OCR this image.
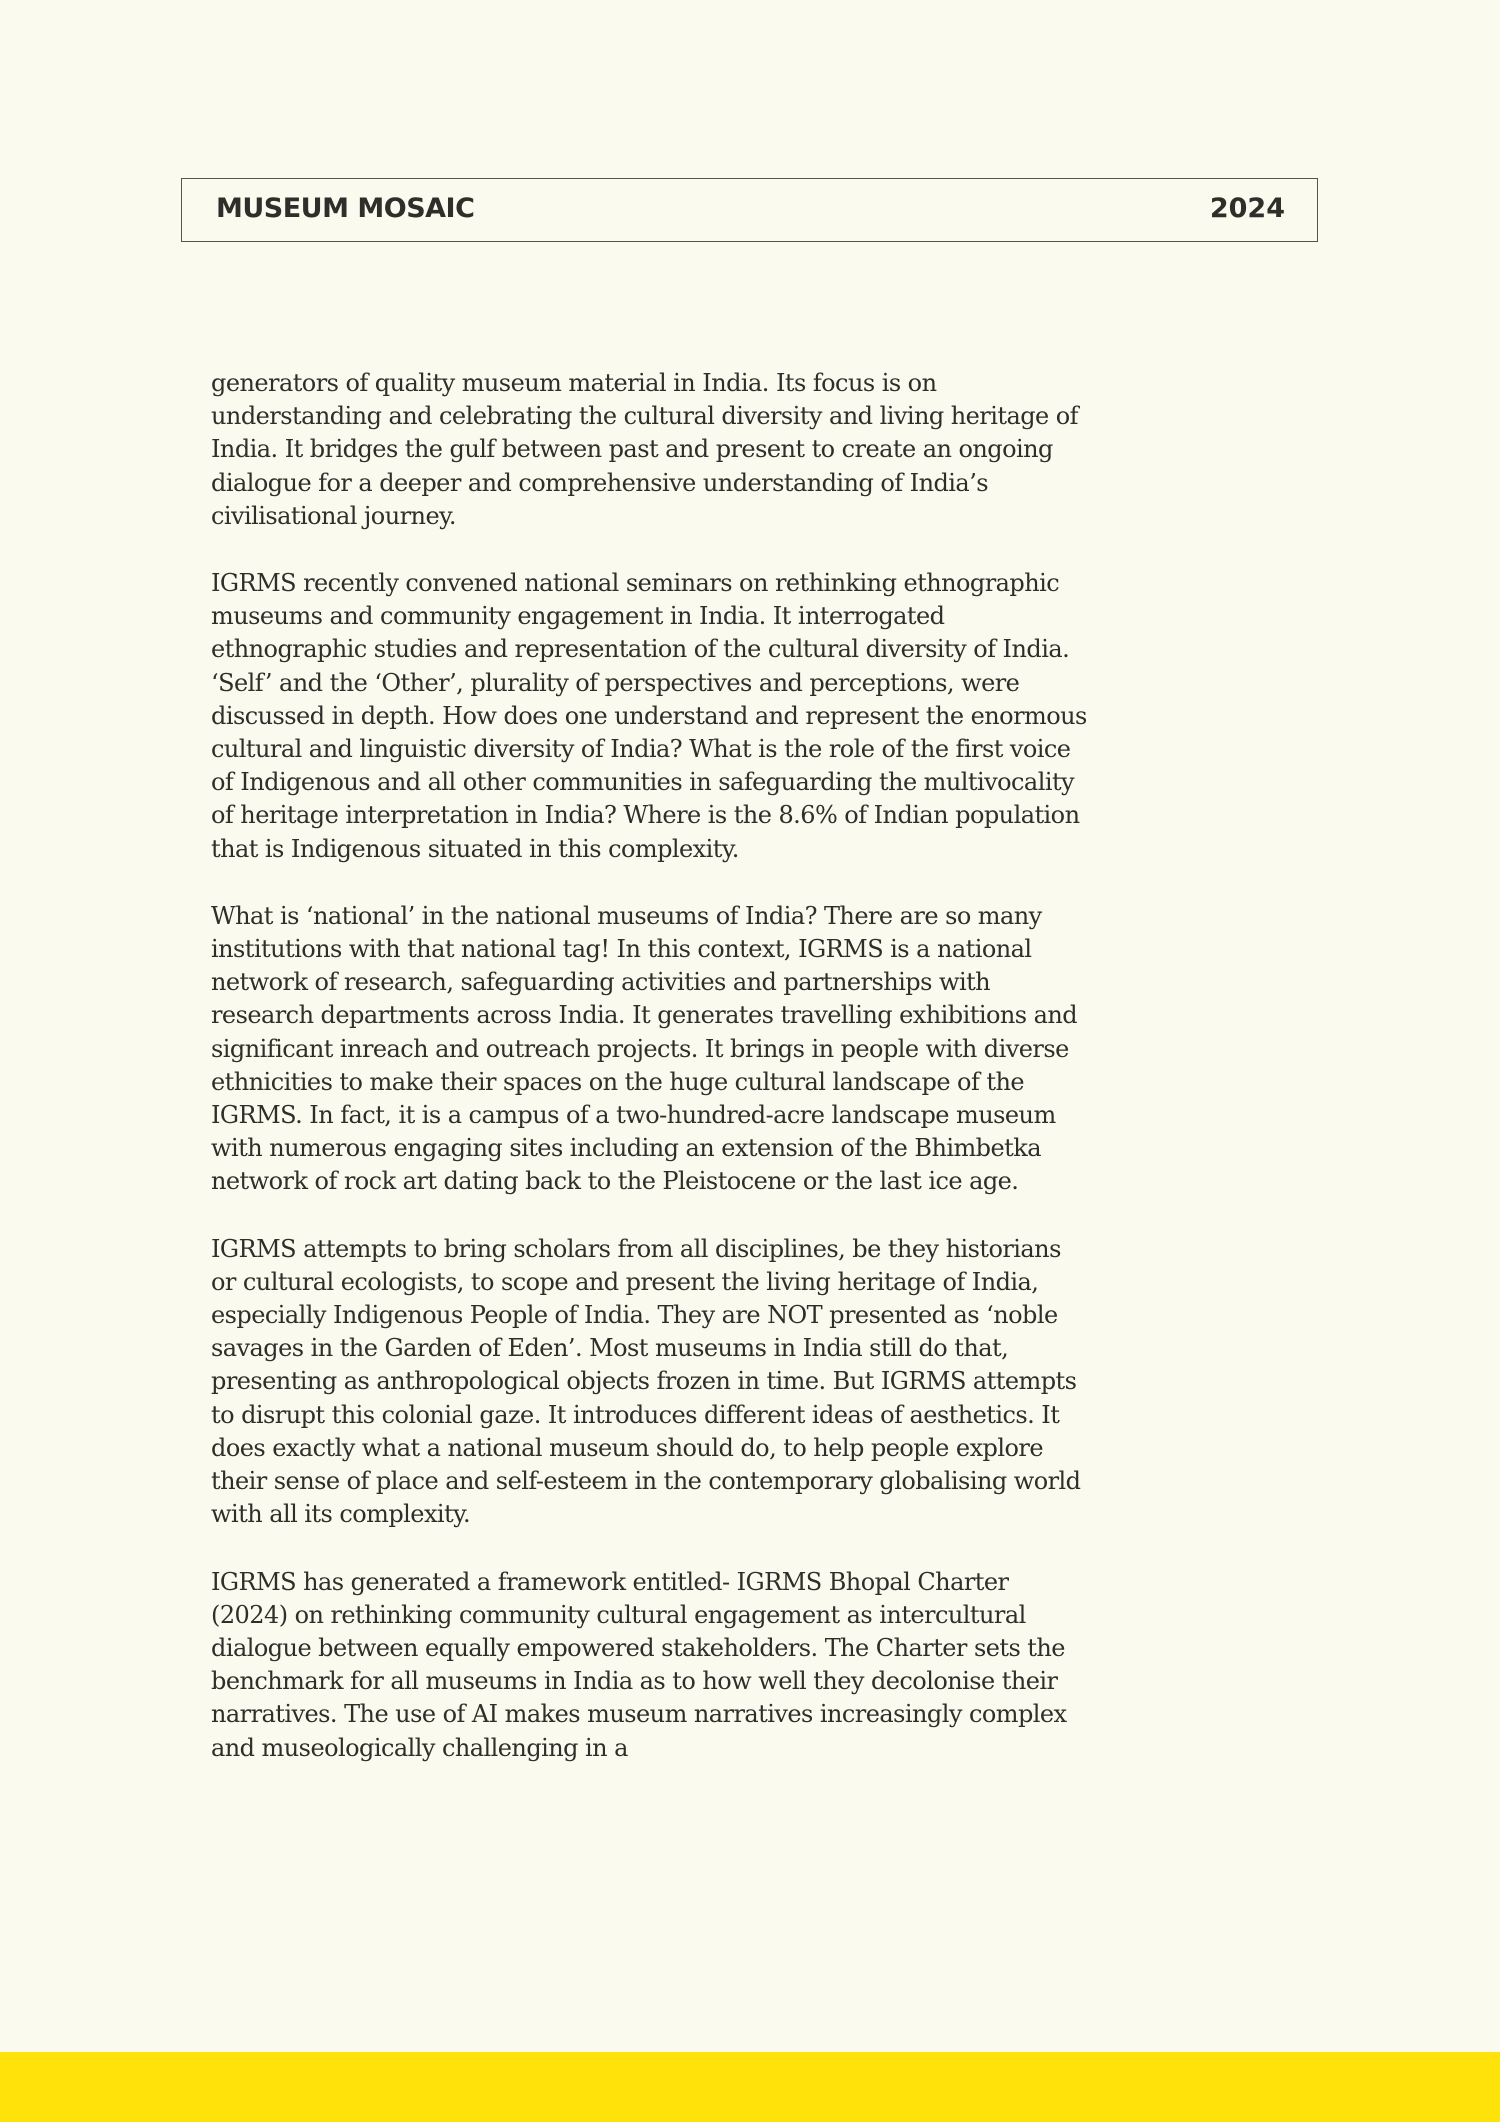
MUSEUM MOSAIC	2024

generators of quality museum material in India. Its focus is on understanding and celebrating the cultural diversity and living heritage of India. It bridges the gulf between past and present to create an ongoing dialogue for a deeper and comprehensive understanding of India’s civilisational journey.

IGRMS recently convened national seminars on rethinking ethnographic museums and community engagement in India. It interrogated ethnographic studies and representation of the cultural diversity of India. ‘Self’ and the ‘Other’, plurality of perspectives and perceptions, were discussed in depth. How does one understand and represent the enormous cultural and linguistic diversity of India? What is the role of the first voice of Indigenous and all other communities in safeguarding the multivocality of heritage interpretation in India? Where is the 8.6% of Indian population that is Indigenous situated in this complexity.

What is ‘national’ in the national museums of India? There are so many institutions with that national tag! In this context, IGRMS is a national network of research, safeguarding activities and partnerships with research departments across India. It generates travelling exhibitions and significant inreach and outreach projects. It brings in people with diverse ethnicities to make their spaces on the huge cultural landscape of the IGRMS. In fact, it is a campus of a two-hundred-acre landscape museum with numerous engaging sites including an extension of the Bhimbetka network of rock art dating back to the Pleistocene or the last ice age.

IGRMS attempts to bring scholars from all disciplines, be they historians or cultural ecologists, to scope and present the living heritage of India, especially Indigenous People of India. They are NOT presented as ‘noble savages in the Garden of Eden’. Most museums in India still do that, presenting as anthropological objects frozen in time. But IGRMS attempts to disrupt this colonial gaze. It introduces different ideas of aesthetics. It does exactly what a national museum should do, to help people explore their sense of place and self-esteem in the contemporary globalising world with all its complexity.

IGRMS has generated a framework entitled- IGRMS Bhopal Charter (2024) on rethinking community cultural engagement as intercultural dialogue between equally empowered stakeholders. The Charter sets the benchmark for all museums in India as to how well they decolonise their narratives. The use of AI makes museum narratives increasingly complex and museologically challenging in a
